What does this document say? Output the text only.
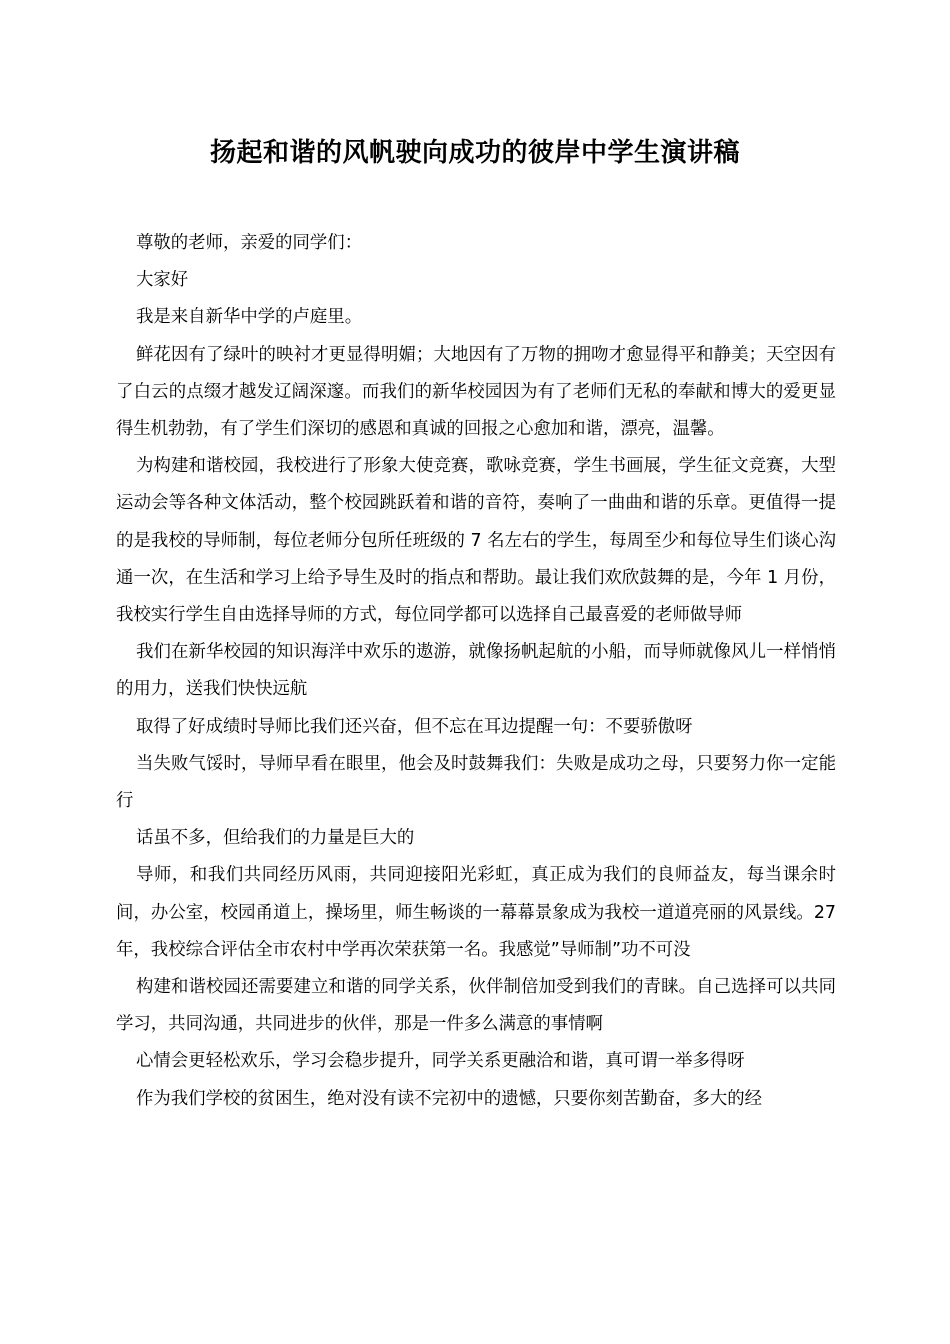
扬起和谐的风帆驶向成功的彼岸中学生演讲稿

尊敬的老师，亲爱的同学们：

大家好

我是来自新华中学的卢庭里。

鲜花因有了绿叶的映衬才更显得明媚；大地因有了万物的拥吻才愈显得平和静美；天空因有了白云的点缀才越发辽阔深邃。而我们的新华校园因为有了老师们无私的奉献和博大的爱更显得生机勃勃，有了学生们深切的感恩和真诚的回报之心愈加和谐，漂亮，温馨。

为构建和谐校园，我校进行了形象大使竞赛，歌咏竞赛，学生书画展，学生征文竞赛，大型运动会等各种文体活动，整个校园跳跃着和谐的音符，奏响了一曲曲和谐的乐章。更值得一提的是我校的导师制，每位老师分包所任班级的 7 名左右的学生，每周至少和每位导生们谈心沟通一次，在生活和学习上给予导生及时的指点和帮助。最让我们欢欣鼓舞的是，今年 1 月份，我校实行学生自由选择导师的方式，每位同学都可以选择自己最喜爱的老师做导师

我们在新华校园的知识海洋中欢乐的遨游，就像扬帆起航的小船，而导师就像风儿一样悄悄的用力，送我们快快远航

取得了好成绩时导师比我们还兴奋，但不忘在耳边提醒一句：不要骄傲呀

当失败气馁时，导师早看在眼里，他会及时鼓舞我们：失败是成功之母，只要努力你一定能行

话虽不多，但给我们的力量是巨大的

导师，和我们共同经历风雨，共同迎接阳光彩虹，真正成为我们的良师益友，每当课余时间，办公室，校园甬道上，操场里，师生畅谈的一幕幕景象成为我校一道道亮丽的风景线。27 年，我校综合评估全市农村中学再次荣获第一名。我感觉”导师制”功不可没

构建和谐校园还需要建立和谐的同学关系，伙伴制倍加受到我们的青睐。自己选择可以共同学习，共同沟通，共同进步的伙伴，那是一件多么满意的事情啊

心情会更轻松欢乐，学习会稳步提升，同学关系更融洽和谐，真可谓一举多得呀

作为我们学校的贫困生，绝对没有读不完初中的遗憾，只要你刻苦勤奋，多大的经
